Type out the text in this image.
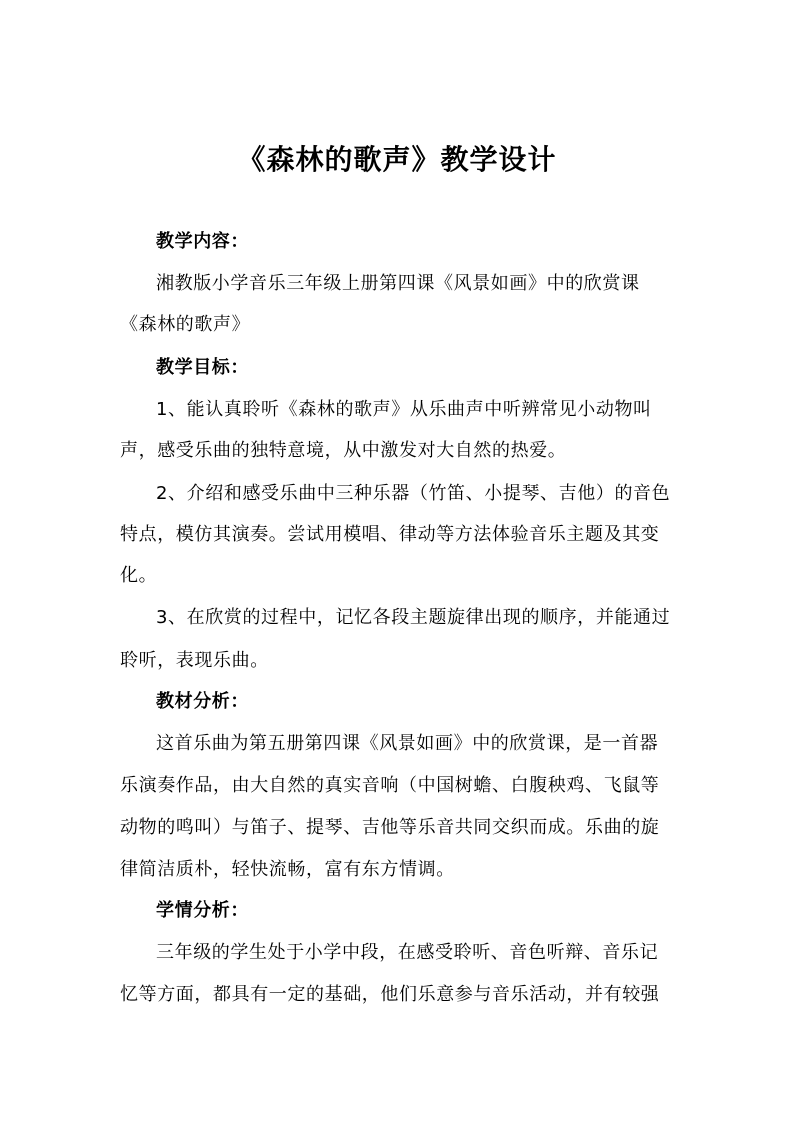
《森林的歌声》教学设计
教学内容：
湘教版小学音乐三年级上册第四课《风景如画》中的欣赏课
《森林的歌声》
教学目标：
1、能认真聆听《森林的歌声》从乐曲声中听辨常见小动物叫
声，感受乐曲的独特意境，从中激发对大自然的热爱。
2、介绍和感受乐曲中三种乐器（竹笛、小提琴、吉他）的音色
特点，模仿其演奏。尝试用模唱、律动等方法体验音乐主题及其变
化。
3、在欣赏的过程中，记忆各段主题旋律出现的顺序，并能通过
聆听，表现乐曲。
教材分析：
这首乐曲为第五册第四课《风景如画》中的欣赏课，是一首器
乐演奏作品，由大自然的真实音响（中国树蟾、白腹秧鸡、飞鼠等
动物的鸣叫）与笛子、提琴、吉他等乐音共同交织而成。乐曲的旋
律简洁质朴，轻快流畅，富有东方情调。
学情分析：
三年级的学生处于小学中段，在感受聆听、音色听辩、音乐记
忆等方面，都具有一定的基础，他们乐意参与音乐活动，并有较强
